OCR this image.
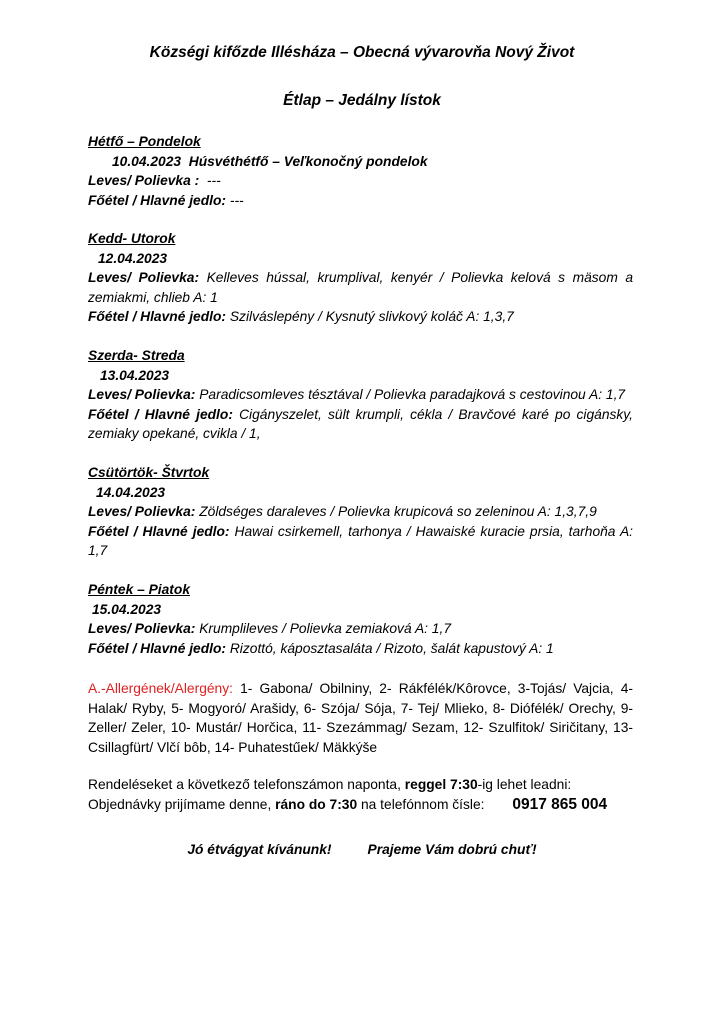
Községi kifőzde Illésháza – Obecná vývarovňa Nový Život
Étlap – Jedálny lístok

Hétfő – Pondelok

10.04.2023 Húsvéthétfő – Veľkonočný pondelok

Leves/ Polievka : ---

Főétel / Hlavné jedlo: ---

Kedd- Utorok

12.04.2023

Leves/ Polievka: Kelleves hússal, krumplival, kenyér / Polievka kelová s mäsom a zemiakmi, chlieb A: 1

Főétel / Hlavné jedlo: Szilváslepény / Kysnutý slivkový koláč A: 1,3,7

Szerda- Streda

13.04.2023

Leves/ Polievka: Paradicsomleves tésztával / Polievka paradajková s cestovinou A: 1,7

Főétel / Hlavné jedlo: Cigányszelet, sült krumpli, cékla / Bravčové karé po cigánsky, zemiaky opekané, cvikla / 1,

Csütörtök- Štvrtok

14.04.2023

Leves/ Polievka: Zöldséges daraleves / Polievka krupicová so zeleninou A: 1,3,7,9

Főétel / Hlavné jedlo: Hawai csirkemell, tarhonya / Hawaiské kuracie prsia, tarhoňa A: 1,7

Péntek – Piatok

15.04.2023

Leves/ Polievka: Krumplileves / Polievka zemiaková A: 1,7

Főétel / Hlavné jedlo: Rizottó, káposztasaláta / Rizoto, šalát kapustový A: 1

A.-Allergének/Alergény: 1- Gabona/ Obilniny, 2- Rákfélék/Kôrovce, 3-Tojás/ Vajcia, 4- Halak/ Ryby, 5- Mogyoró/ Arašidy, 6- Szója/ Sója, 7- Tej/ Mlieko, 8- Diófélék/ Orechy, 9- Zeller/ Zeler, 10- Mustár/ Horčica, 11- Szezámmag/ Sezam, 12- Szulfitok/ Siričitany, 13- Csillagfürt/ Vlčí bôb, 14- Puhatestűek/ Mäkkýše
Rendeléseket a következő telefonszámon naponta, reggel 7:30-ig lehet leadni:
Objednávky prijímame denne, ráno do 7:30 na telefónnom čísle: 0917 865 004
Jó étvágyat kívánunk!	Prajeme Vám dobrú chuť!
